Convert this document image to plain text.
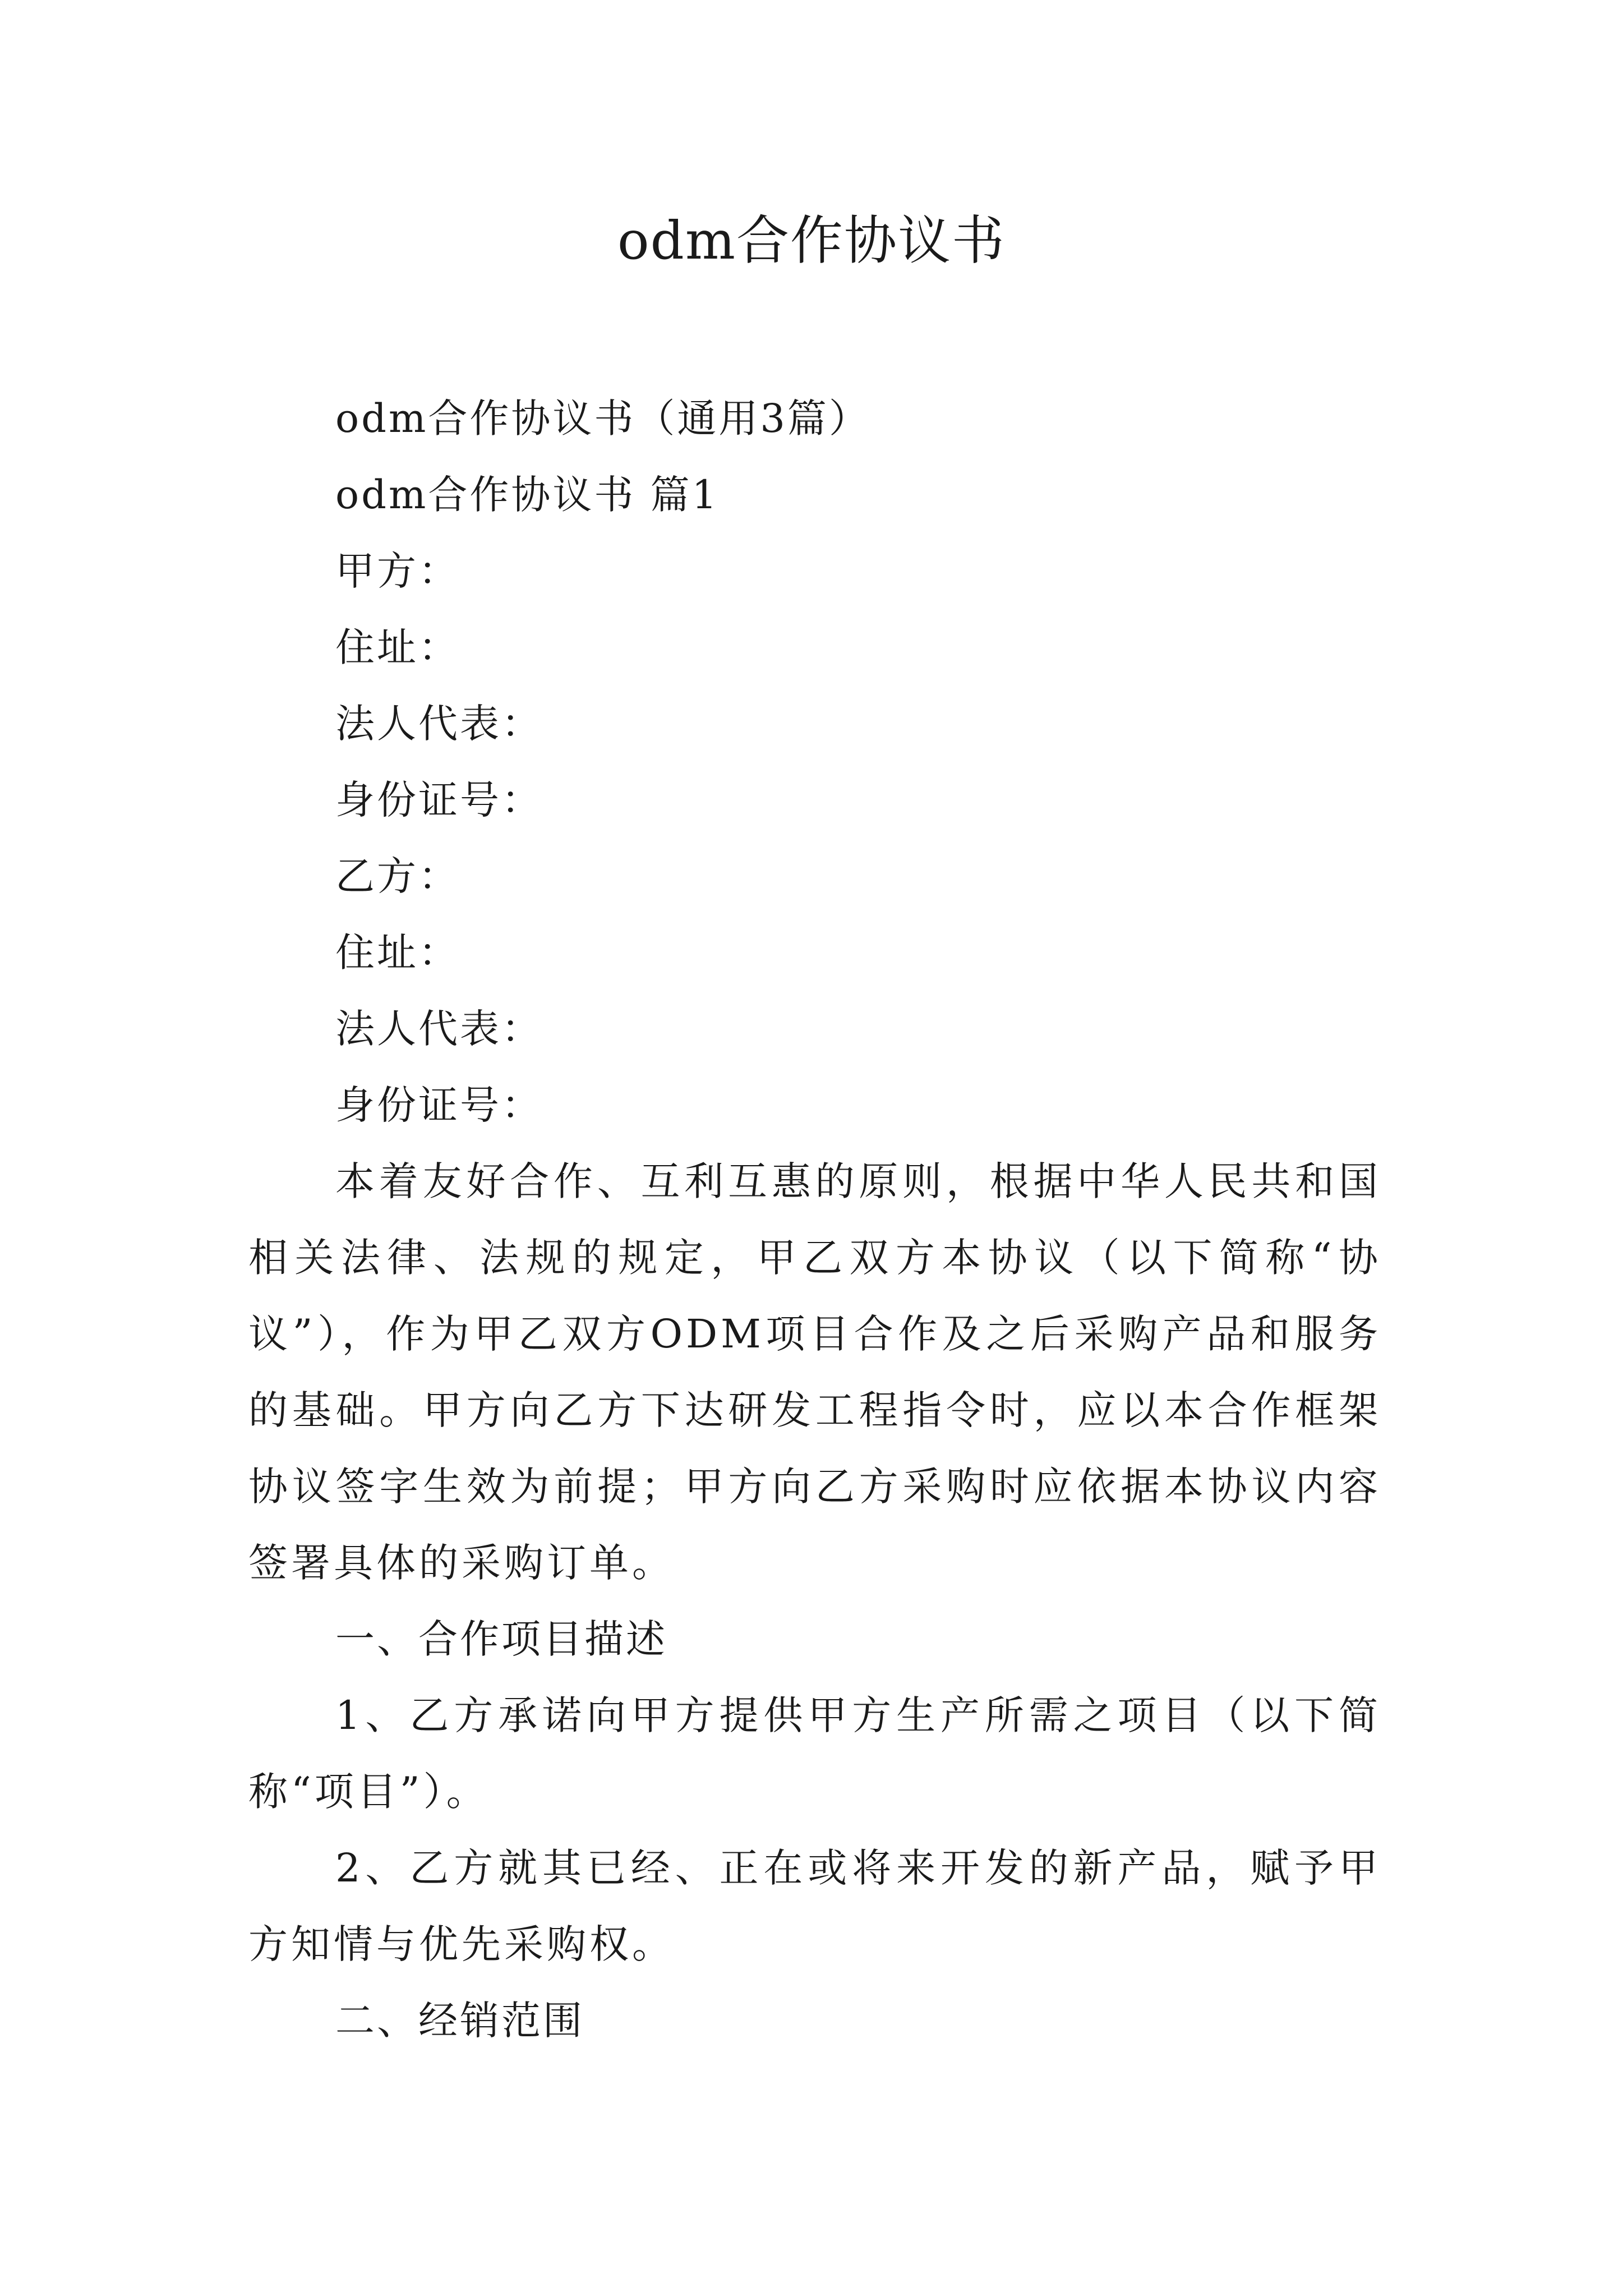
odm合作协议书

odm合作协议书（通用3篇）

odm合作协议书 篇1

甲方：

住址：

法人代表：

身份证号：

乙方：

住址：

法人代表：

身份证号：

本着友好合作、互利互惠的原则，根据中华人民共和国相关法律、法规的规定，甲乙双方本协议（以下简称“协议”），作为甲乙双方ODM项目合作及之后采购产品和服务的基础。甲方向乙方下达研发工程指令时，应以本合作框架协议签字生效为前提；甲方向乙方采购时应依据本协议内容签署具体的采购订单。

一、合作项目描述

1、乙方承诺向甲方提供甲方生产所需之项目（以下简称“项目”）。

2、乙方就其已经、正在或将来开发的新产品，赋予甲方知情与优先采购权。

二、经销范围
